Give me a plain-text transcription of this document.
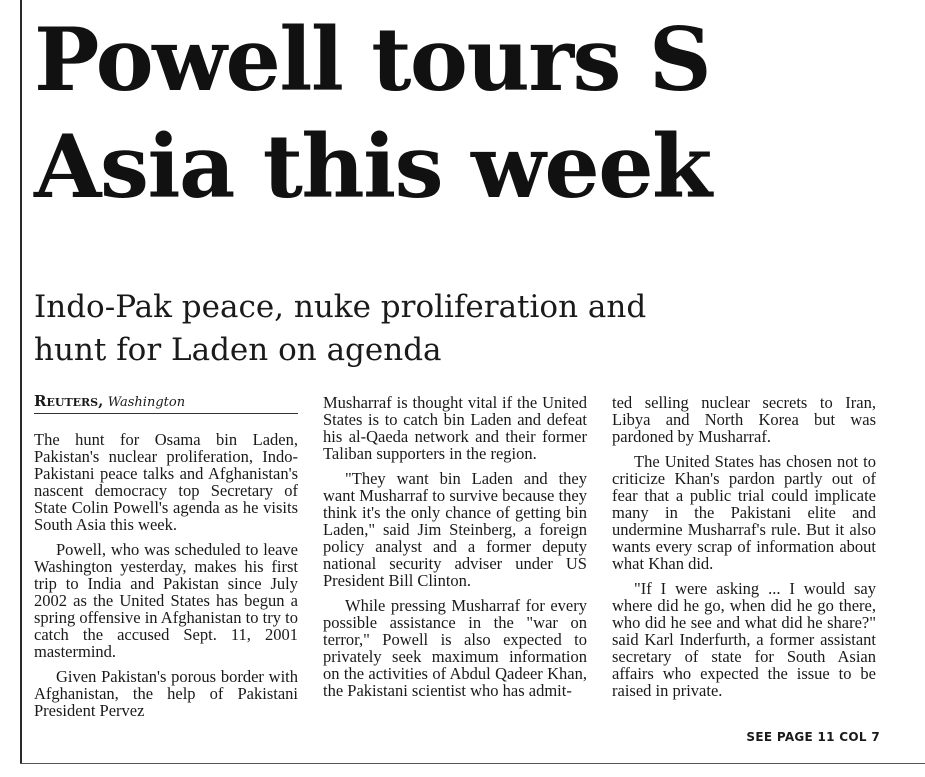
Powell tours S
Asia this week
Indo-Pak peace, nuke proliferation and
hunt for Laden on agenda
Reuters, Washington

The hunt for Osama bin Laden, Pakistan's nuclear proliferation, Indo-Pakistani peace talks and Afghanistan's nascent democracy top Secretary of State Colin Powell's agenda as he visits South Asia this week.

Powell, who was scheduled to leave Washington yesterday, makes his first trip to India and Pakistan since July 2002 as the United States has begun a spring offensive in Afghanistan to try to catch the accused Sept. 11, 2001 mastermind.

Given Pakistan's porous border with Afghanistan, the help of Pakistani President Pervez

Musharraf is thought vital if the United States is to catch bin Laden and defeat his al-Qaeda network and their former Taliban supporters in the region.

"They want bin Laden and they want Musharraf to survive because they think it's the only chance of getting bin Laden," said Jim Steinberg, a foreign policy analyst and a former deputy national security adviser under US President Bill Clinton.

While pressing Musharraf for every possible assistance in the "war on terror," Powell is also expected to privately seek maximum information on the activities of Abdul Qadeer Khan, the Pakistani scientist who has admit-

ted selling nuclear secrets to Iran, Libya and North Korea but was pardoned by Musharraf.

The United States has chosen not to criticize Khan's pardon partly out of fear that a public trial could implicate many in the Pakistani elite and undermine Musharraf's rule. But it also wants every scrap of information about what Khan did.

"If I were asking ... I would say where did he go, when did he go there, who did he see and what did he share?" said Karl Inderfurth, a former assistant secretary of state for South Asian affairs who expected the issue to be raised in private.

SEE PAGE 11 COL 7
